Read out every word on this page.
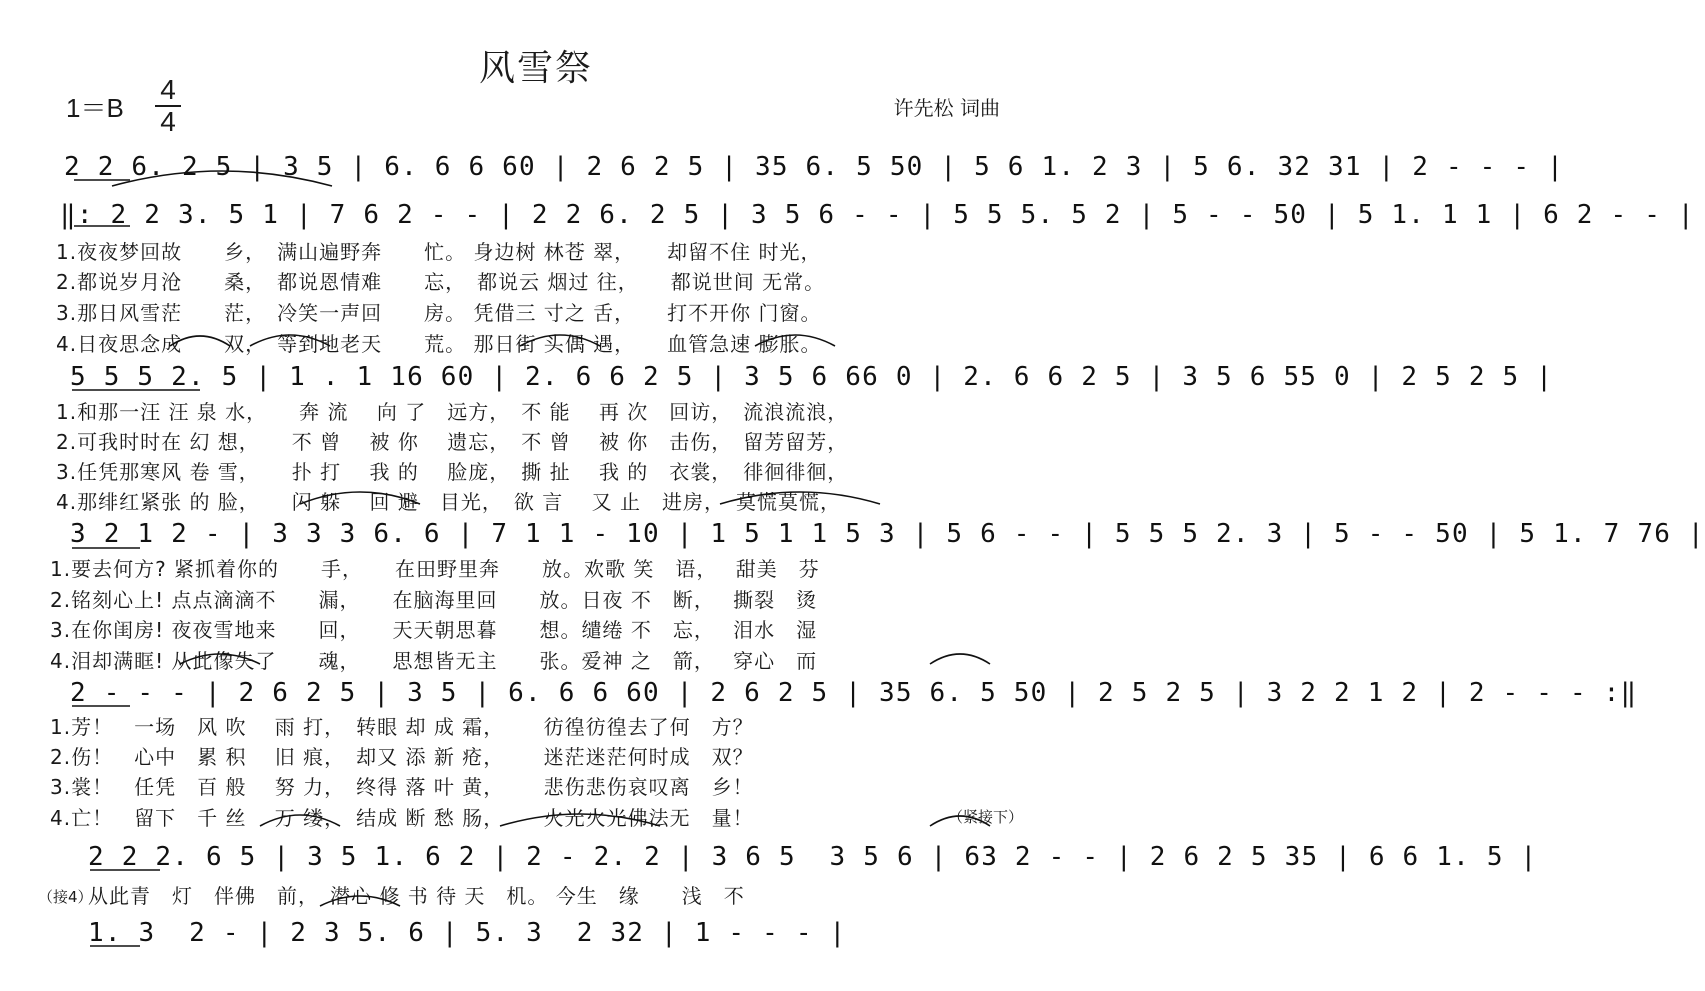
风雪祭
1＝B
4
4	许先松 词曲
2 2 6. 2 5 | 3 5 | 6. 6 6 60 | 2 6 2 5 | 35 6. 5 50 | 5 6 1. 2 3 | 5 6. 32 31 | 2 - - - |
‖: 2 2 3. 5 1 | 7 6 2 - - | 2 2 6. 2 5 | 3 5 6 - - | 5 5 5. 5 2 | 5 - - 50 | 5 1. 1 1 | 6 2 - - |
1.夜夜梦回故　　乡，　满山遍野奔　　忙。 身边树 林苍 翠，　　却留不住 时光，
2.都说岁月沧　　桑，　都说恩情难　　忘，　都说云 烟过 往，　　都说世间 无常。
3.那日风雪茫　　茫，　冷笑一声回　　房。 凭借三 寸之 舌，　　打不开你 门窗。
4.日夜思念成　　双，　等到地老天　　荒。 那日街 头偶 遇，　　血管急速 膨胀。
5 5 5 2. 5 | 1 . 1 16 60 | 2. 6 6 2 5 | 3 5 6 66 0 | 2. 6 6 2 5 | 3 5 6 55 0 | 2 5 2 5 |
1.和那一汪 汪 泉 水，　　奔 流　 向 了　远方，　不 能　 再 次　回访，　流浪流浪，
2.可我时时在 幻 想，　　不 曾　 被 你　 遗忘，　不 曾　 被 你　击伤，　留芳留芳，
3.任凭那寒风 卷 雪，　　扑 打　 我 的　 脸庞，　撕 扯　 我 的　衣裳，　徘徊徘徊，
4.那绯红紧张 的 脸，　　闪 躲　 回 避　目光，　欲 言　 又 止　进房，　莫慌莫慌，
3 2 1 2 - | 3 3 3 6. 6 | 7 1 1 - 10 | 1 5 1 1 5 3 | 5 6 - - | 5 5 5 2. 3 | 5 - - 50 | 5 1. 7 76 |
1.要去何方? 紧抓着你的　　手，　　在田野里奔　　放。欢歌 笑　语，　 甜美　芬
2.铭刻心上! 点点滴滴不　　漏，　　在脑海里回　　放。日夜 不　断，　 撕裂　烫
3.在你闺房! 夜夜雪地来　　回，　　天天朝思暮　　想。缱绻 不　忘，　 泪水　湿
4.泪却满眶! 从此像失了　　魂，　　思想皆无主　　张。爱神 之　箭，　 穿心　而
2 - - - | 2 6 2 5 | 3 5 | 6. 6 6 60 | 2 6 2 5 | 35 6. 5 50 | 2 5 2 5 | 3 2 2 1 2 | 2 - - - :‖
1.芳！　一场　风 吹　 雨 打，　转眼 却 成 霜，　　 彷徨彷徨去了何　方？
2.伤！　心中　累 积　 旧 痕，　却又 添 新 疮，　　 迷茫迷茫何时成　双？
3.裳！　任凭　百 般　 努 力，　终得 落 叶 黄，　　 悲伤悲伤哀叹离　乡！
4.亡！　留下　千 丝　 万 缕，　结成 断 愁 肠，　　 火光火光佛法无　量！	（紧接下）
2 2 2. 6 5 | 3 5 1. 6 2 | 2 - 2. 2 | 3 6 5  3 5 6 | 63 2 - - | 2 6 2 5 35 | 6 6 1. 5 |
（接4）
从此青　灯　伴佛　前，　潜心 修 书 待 天　机。 今生　缘　　浅　不
1. 3  2 - | 2 3 5. 6 | 5. 3  2 32 | 1 - - - |
